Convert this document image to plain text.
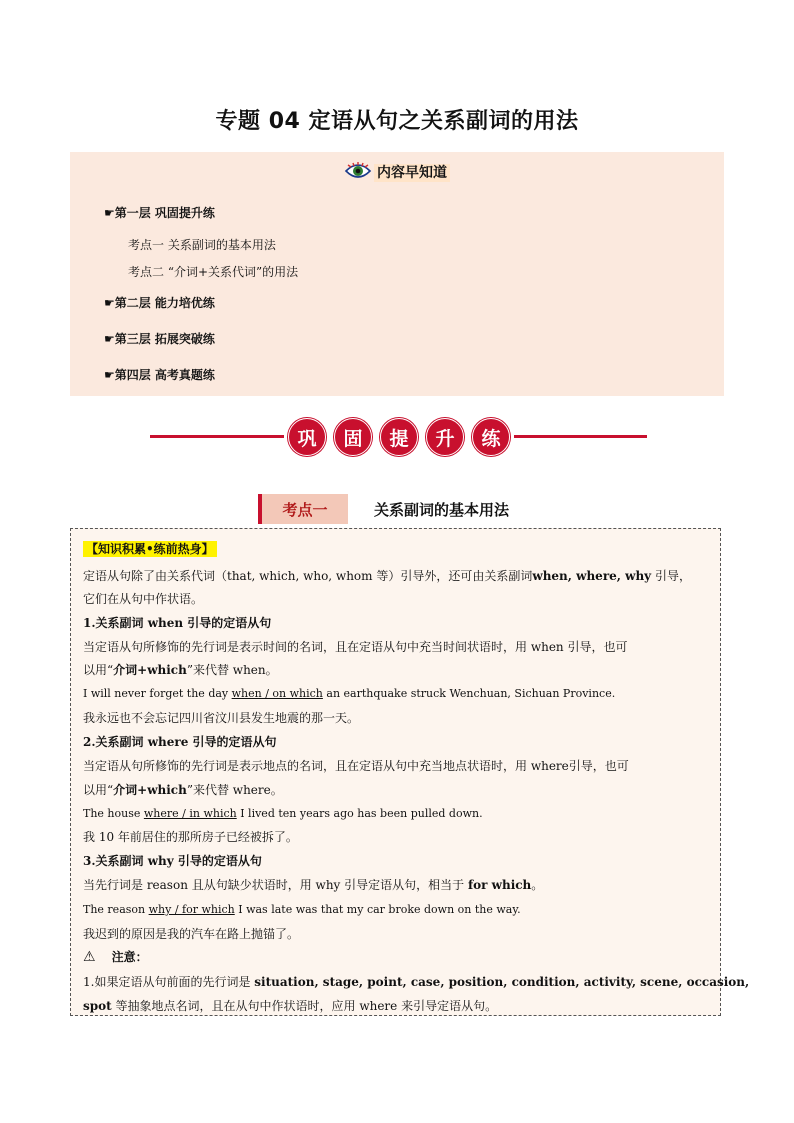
专题 04 定语从句之关系副词的用法
内容早知道
☛第一层 巩固提升练
考点一 关系副词的基本用法
考点二 “介词+关系代词”的用法
☛第二层 能力培优练
☛第三层 拓展突破练
☛第四层 高考真题练
巩	固	提	升	练
考点一	关系副词的基本用法
【知识积累•练前热身】
定语从句除了由关系代词（that, which, who, whom 等）引导外，还可由关系副词when, where, why 引导，
它们在从句中作状语。
1.关系副词 when 引导的定语从句
当定语从句所修饰的先行词是表示时间的名词，且在定语从句中充当时间状语时，用 when 引导，也可
以用“介词+which”来代替 when。
I will never forget the day when / on which an earthquake struck Wenchuan, Sichuan Province.
我永远也不会忘记四川省汶川县发生地震的那一天。
2.关系副词 where 引导的定语从句
当定语从句所修饰的先行词是表示地点的名词，且在定语从句中充当地点状语时，用 where引导，也可
以用“介词+which”来代替 where。
The house where / in which I lived ten years ago has been pulled down.
我 10 年前居住的那所房子已经被拆了。
3.关系副词 why 引导的定语从句
当先行词是 reason 且从句缺少状语时，用 why 引导定语从句，相当于 for which。
The reason why / for which I was late was that my car broke down on the way.
我迟到的原因是我的汽车在路上抛锚了。
⚠ 注意：
1.如果定语从句前面的先行词是 situation, stage, point, case, position, condition, activity, scene, occasion,
spot 等抽象地点名词，且在从句中作状语时，应用 where 来引导定语从句。
